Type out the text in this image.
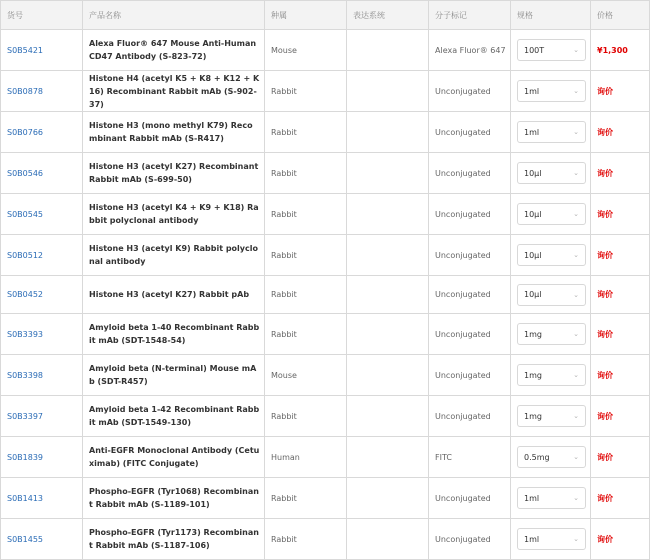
货号	产品名称	种属	表达系统	分子标记	规格	价格
S0B5421	Alexa Fluor® 647 Mouse Anti-Human CD47 Antibody (S-823-72)	Mouse		Alexa Fluor® 647	100T ⌄	¥1,300
S0B0878	Histone H4 (acetyl K5 + K8 + K12 + K16) Recombinant Rabbit mAb (S-902-37)	Rabbit		Unconjugated	1ml ⌄	询价
S0B0766	Histone H3 (mono methyl K79) Recombinant Rabbit mAb (S-R417)	Rabbit		Unconjugated	1ml ⌄	询价
S0B0546	Histone H3 (acetyl K27) Recombinant Rabbit mAb (S-699-50)	Rabbit		Unconjugated	10µl ⌄	询价
S0B0545	Histone H3 (acetyl K4 + K9 + K18) Rabbit polyclonal antibody	Rabbit		Unconjugated	10µl ⌄	询价
S0B0512	Histone H3 (acetyl K9) Rabbit polyclonal antibody	Rabbit		Unconjugated	10µl ⌄	询价
S0B0452	Histone H3 (acetyl K27) Rabbit pAb	Rabbit		Unconjugated	10µl ⌄	询价
S0B3393	Amyloid beta 1-40 Recombinant Rabbit mAb (SDT-1548-54)	Rabbit		Unconjugated	1mg ⌄	询价
S0B3398	Amyloid beta (N-terminal) Mouse mAb (SDT-R457)	Mouse		Unconjugated	1mg ⌄	询价
S0B3397	Amyloid beta 1-42 Recombinant Rabbit mAb (SDT-1549-130)	Rabbit		Unconjugated	1mg ⌄	询价
S0B1839	Anti-EGFR Monoclonal Antibody (Cetuximab) (FITC Conjugate)	Human		FITC	0.5mg ⌄	询价
S0B1413	Phospho-EGFR (Tyr1068) Recombinant Rabbit mAb (S-1189-101)	Rabbit		Unconjugated	1ml ⌄	询价
S0B1455	Phospho-EGFR (Tyr1173) Recombinant Rabbit mAb (S-1187-106)	Rabbit		Unconjugated	1ml ⌄	询价
